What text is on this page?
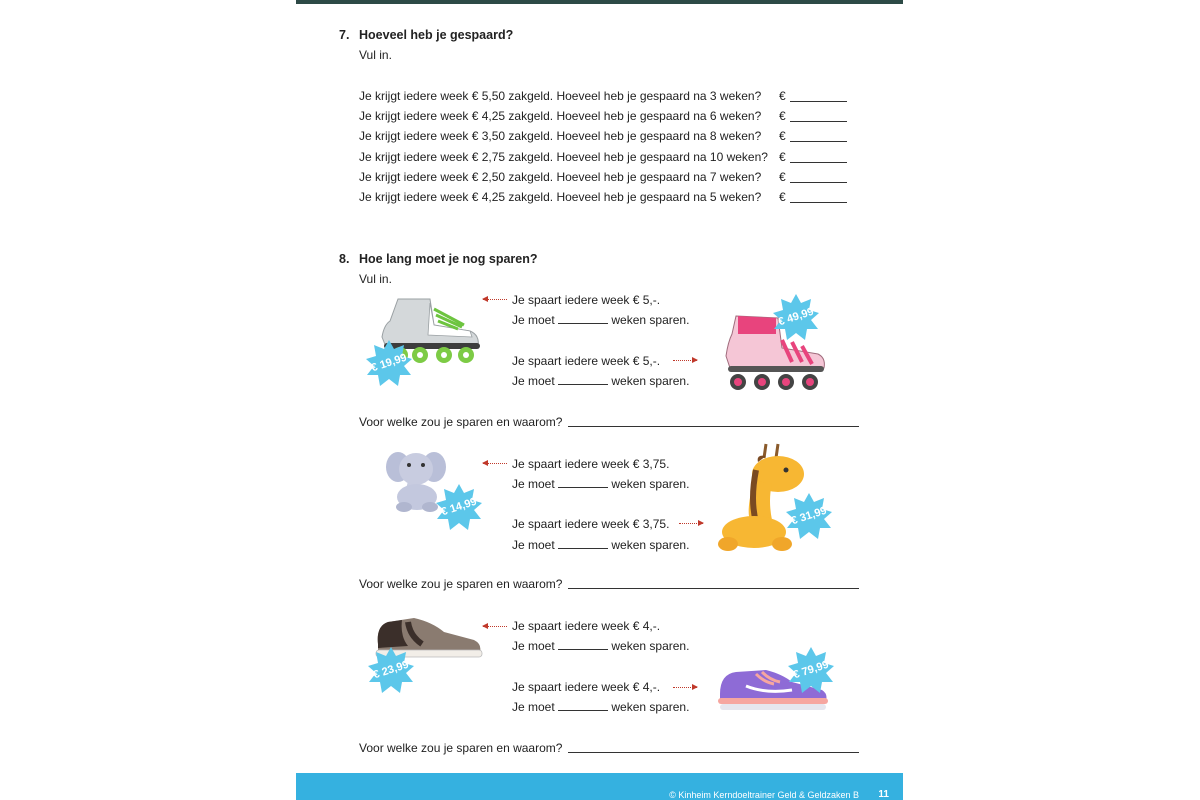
7. Hoeveel heb je gespaard?
Vul in.
Je krijgt iedere week € 5,50 zakgeld. Hoeveel heb je gespaard na 3 weken? €
Je krijgt iedere week € 4,25 zakgeld. Hoeveel heb je gespaard na 6 weken? €
Je krijgt iedere week € 3,50 zakgeld. Hoeveel heb je gespaard na 8 weken? €
Je krijgt iedere week € 2,75 zakgeld. Hoeveel heb je gespaard na 10 weken? €
Je krijgt iedere week € 2,50 zakgeld. Hoeveel heb je gespaard na 7 weken? €
Je krijgt iedere week € 4,25 zakgeld. Hoeveel heb je gespaard na 5 weken? €
8. Hoe lang moet je nog sparen?
Vul in.
€ 19,99
Je spaart iedere week € 5,-.
Je moet	weken sparen.
Je spaart iedere week € 5,-.
Je moet	weken sparen.
€ 49,99
Voor welke zou je sparen en waarom?
€ 14,99
Je spaart iedere week € 3,75.
Je moet	weken sparen.
Je spaart iedere week € 3,75.
Je moet	weken sparen.
€ 31,99
Voor welke zou je sparen en waarom?
€ 23,99
Je spaart iedere week € 4,-.
Je moet	weken sparen.
Je spaart iedere week € 4,-.
Je moet	weken sparen.
€ 79,99
Voor welke zou je sparen en waarom?
© Kinheim Kerndoeltrainer Geld & Geldzaken B 11
